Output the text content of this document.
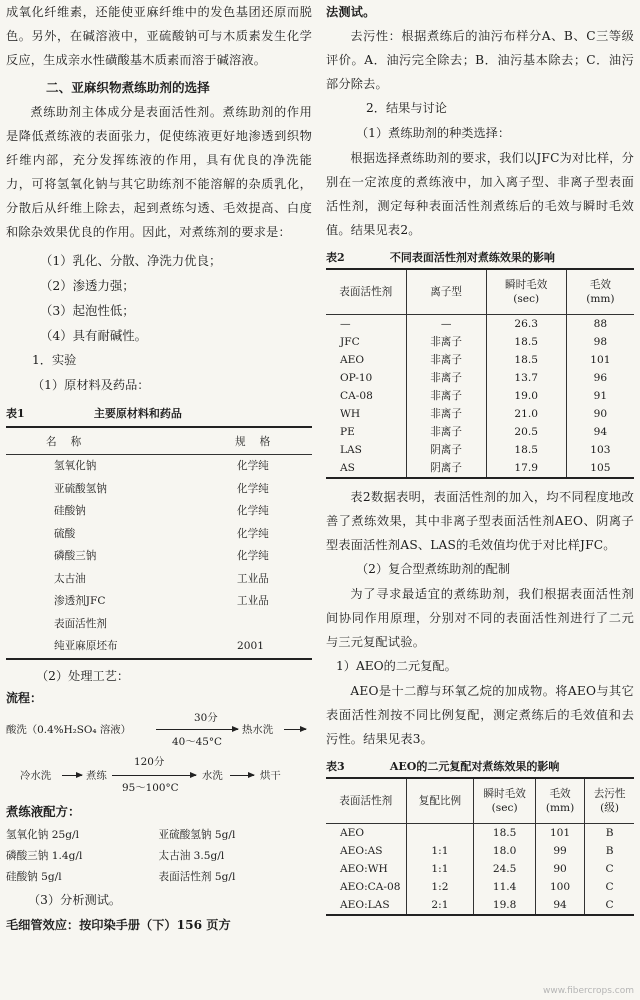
成氧化纤维素，还能使亚麻纤维中的发色基团还原而脱色。另外，在碱溶液中，亚硫酸钠可与木质素发生化学反应，生成亲水性磺酸基木质素而溶于碱溶液。

二、亚麻织物煮练助剂的选择

煮练助剂主体成分是表面活性剂。煮练助剂的作用是降低煮练液的表面张力，促使练液更好地渗透到织物纤维内部，充分发挥练液的作用，具有优良的净洗能力，可将氢氧化钠与其它助练剂不能溶解的杂质乳化，分散后从纤维上除去，起到煮练匀透、毛效提高、白度和除杂效果优良的作用。因此，对煮练剂的要求是：

（1）乳化、分散、净洗力优良；
（2）渗透力强；
（3）起泡性低；
（4）具有耐碱性。
1．实验
（1）原材料及药品：
表1	主要原材料和药品
名称	规格
氢氧化钠	化学纯
亚硫酸氢钠	化学纯
硅酸钠	化学纯
硫酸	化学纯
磷酸三钠	化学纯
太古油	工业品
渗透剂JFC	工业品
表面活性剂	
纯亚麻原坯布	2001
（2）处理工艺：
流程：
酸洗（0.4%H₂SO₄ 溶液）
30分
40～45°C
热水洗
120分
冷水洗	煮练
95～100°C
水洗	烘干
煮练液配方：
氢氧化钠 25g/l	亚硫酸氢钠 5g/l
磷酸三钠 1.4g/l	太古油 3.5g/l
硅酸钠 5g/l	表面活性剂 5g/l
（3）分析测试。
毛细管效应：按印染手册（下）156 页方

法测试。

去污性：根据煮练后的油污布样分A、B、C三等级评价。A．油污完全除去；B．油污基本除去；C．油污部分除去。

2．结果与讨论
（1）煮练助剂的种类选择：

根据选择煮练助剂的要求，我们以JFC为对比样，分别在一定浓度的煮练液中，加入离子型、非离子型表面活性剂，测定每种表面活性剂煮练后的毛效与瞬时毛效值。结果见表2。

表2	不同表面活性剂对煮练效果的影响
表面活性剂	离子型	瞬时毛效
(sec)	毛效
(mm)
—	—	26.3	88
JFC	非离子	18.5	98
AEO	非离子	18.5	101
OP-10	非离子	13.7	96
CA-08	非离子	19.0	91
WH	非离子	21.0	90
PE	非离子	20.5	94
LAS	阴离子	18.5	103
AS	阴离子	17.9	105

表2数据表明，表面活性剂的加入，均不同程度地改善了煮练效果，其中非离子型表面活性剂AEO、阴离子型表面活性剂AS、LAS的毛效值均优于对比样JFC。

（2）复合型煮练助剂的配制

为了寻求最适宜的煮练助剂，我们根据表面活性剂间协同作用原理，分别对不同的表面活性剂进行了二元与三元复配试验。

1）AEO的二元复配。

AEO是十二醇与环氧乙烷的加成物。将AEO与其它表面活性剂按不同比例复配，测定煮练后的毛效值和去污性。结果见表3。

表3	AEO的二元复配对煮练效果的影响
表面活性剂	复配比例	瞬时毛效
(sec)	毛效
(mm)	去污性
(级)
AEO		18.5	101	B
AEO:AS	1:1	18.0	99	B
AEO:WH	1:1	24.5	90	C
AEO:CA-08	1:2	11.4	100	C
AEO:LAS	2:1	19.8	94	C
www.fibercrops.com
